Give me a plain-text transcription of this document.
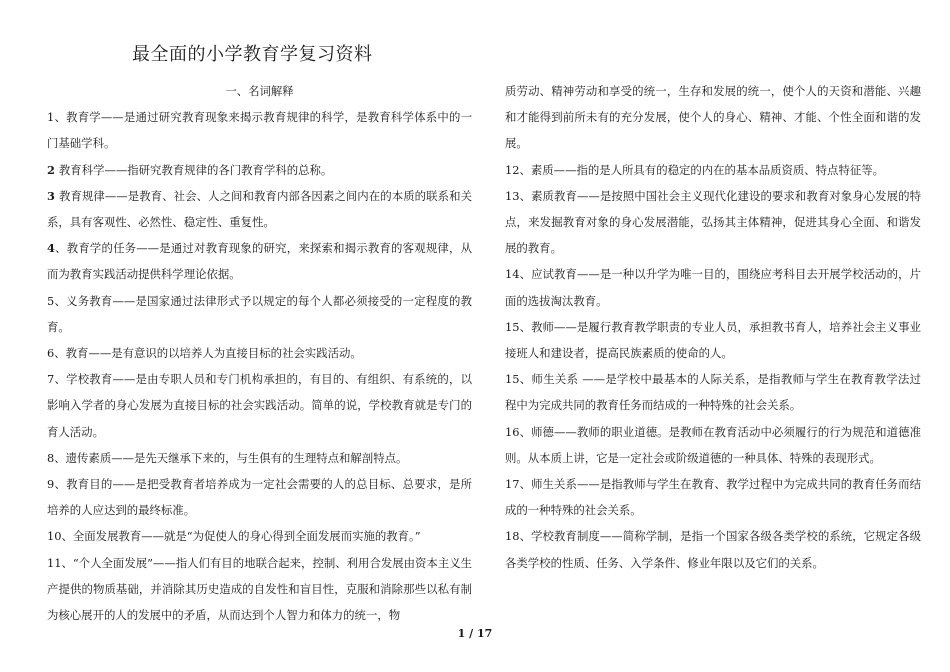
最全面的小学教育学复习资料
一、名词解释

1、教育学——是通过研究教育现象来揭示教育规律的科学，是教育科学体系中的一门基础学科。

2 教育科学——指研究教育规律的各门教育学科的总称。

3 教育规律——是教育、社会、人之间和教育内部各因素之间内在的本质的联系和关系，具有客观性、必然性、稳定性、重复性。

4、教育学的任务——是通过对教育现象的研究，来探索和揭示教育的客观规律，从而为教育实践活动提供科学理论依据。

5、义务教育——是国家通过法律形式予以规定的每个人都必须接受的一定程度的教育。

6、教育——是有意识的以培养人为直接目标的社会实践活动。

7、学校教育——是由专职人员和专门机构承担的，有目的、有组织、有系统的，以影响入学者的身心发展为直接目标的社会实践活动。简单的说，学校教育就是专门的育人活动。

8、遗传素质——是先天继承下来的，与生俱有的生理特点和解剖特点。

9、教育目的——是把受教育者培养成为一定社会需要的人的总目标、总要求，是所培养的人应达到的最终标准。

10、全面发展教育——就是“为促使人的身心得到全面发展而实施的教育。”

11、“个人全面发展”——指人们有目的地联合起来，控制、利用合发展由资本主义生产提供的物质基础，并消除其历史造成的自发性和盲目性，克服和消除那些以私有制为核心展开的人的发展中的矛盾，从而达到个人智力和体力的统一，物

质劳动、精神劳动和享受的统一，生存和发展的统一，使个人的天资和潜能、兴趣和才能得到前所未有的充分发展，使个人的身心、精神、才能、个性全面和谐的发展。

12、素质——指的是人所具有的稳定的内在的基本品质资质、特点特征等。

13、素质教育——是按照中国社会主义现代化建设的要求和教育对象身心发展的特点，来发掘教育对象的身心发展潜能，弘扬其主体精神，促进其身心全面、和谐发展的教育。

14、应试教育——是一种以升学为唯一目的，围绕应考科目去开展学校活动的，片面的选拔淘汰教育。

15、教师——是履行教育教学职责的专业人员，承担教书育人，培养社会主义事业接班人和建设者，提高民族素质的使命的人。

15、师生关系 ——是学校中最基本的人际关系，是指教师与学生在教育教学法过程中为完成共同的教育任务而结成的一种特殊的社会关系。

16、师德——教师的职业道德。是教师在教育活动中必须履行的行为规范和道德准则。从本质上讲，它是一定社会或阶级道德的一种具体、特殊的表现形式。

17、师生关系——是指教师与学生在教育、教学过程中为完成共同的教育任务而结成的一种特殊的社会关系。

18、学校教育制度——简称学制，是指一个国家各级各类学校的系统，它规定各级各类学校的性质、任务、入学条件、修业年限以及它们的关系。

1 / 17
